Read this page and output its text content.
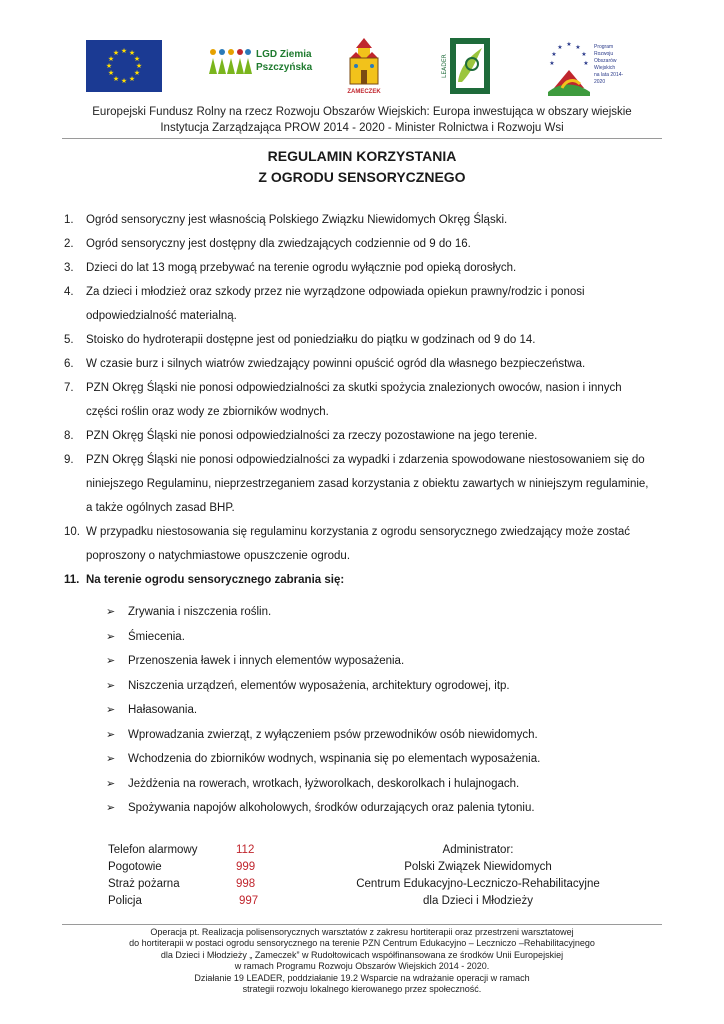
★ ★
★
★
★
★
★
★
★
★
★
★	LGD Ziemia
Pszczyńska
ZAMECZEK
LEADER
★ ★
★
★
★
★
★
Program
Rozwoju
Obszarów
Wiejskich
na lata 2014-2020
Europejski Fundusz Rolny na rzecz Rozwoju Obszarów Wiejskich: Europa inwestująca w obszary wiejskie
Instytucja Zarządzająca PROW 2014 - 2020 - Minister Rolnictwa i Rozwoju Wsi
REGULAMIN KORZYSTANIA
Z OGRODU SENSORYCZNEGO
1. Ogród sensoryczny jest własnością Polskiego Związku Niewidomych Okręg Śląski.
2. Ogród sensoryczny jest dostępny dla zwiedzających codziennie od 9 do 16.
3. Dzieci do lat 13 mogą przebywać na terenie ogrodu wyłącznie pod opieką dorosłych.
4. Za dzieci i młodzież oraz szkody przez nie wyrządzone odpowiada opiekun prawny/rodzic i ponosi odpowiedzialność materialną.
5. Stoisko do hydroterapii dostępne jest od poniedziałku do piątku w godzinach od 9 do 14.
6. W czasie burz i silnych wiatrów zwiedzający powinni opuścić ogród dla własnego bezpieczeństwa.
7. PZN Okręg Śląski nie ponosi odpowiedzialności za skutki spożycia znalezionych owoców, nasion i innych części roślin oraz wody ze zbiorników wodnych.
8. PZN Okręg Śląski nie ponosi odpowiedzialności za rzeczy pozostawione na jego terenie.
9. PZN Okręg Śląski nie ponosi odpowiedzialności za wypadki i zdarzenia spowodowane niestosowaniem się do niniejszego Regulaminu, nieprzestrzeganiem zasad korzystania z obiektu zawartych w niniejszym regulaminie, a także ogólnych zasad BHP.
10. W przypadku niestosowania się regulaminu korzystania z ogrodu sensorycznego zwiedzający może zostać poproszony o natychmiastowe opuszczenie ogrodu.
11. Na terenie ogrodu sensorycznego zabrania się:
➢ Zrywania i niszczenia roślin.
➢ Śmiecenia.
➢ Przenoszenia ławek i innych elementów wyposażenia.
➢ Niszczenia urządzeń, elementów wyposażenia, architektury ogrodowej, itp.
➢ Hałasowania.
➢ Wprowadzania zwierząt, z wyłączeniem psów przewodników osób niewidomych.
➢ Wchodzenia do zbiorników wodnych, wspinania się po elementach wyposażenia.
➢ Jeżdżenia na rowerach, wrotkach, łyżworolkach, deskorolkach i hulajnogach.
➢ Spożywania napojów alkoholowych, środków odurzających oraz palenia tytoniu.
Telefon alarmowy	112
Pogotowie	999
Straż pożarna	998
Policja	997
Administrator:
Polski Związek Niewidomych
Centrum Edukacyjno-Leczniczo-Rehabilitacyjne
dla Dzieci i Młodzieży
Operacja pt. Realizacja polisensorycznych warsztatów z zakresu hortiterapii oraz przestrzeni warsztatowej
do hortiterapii w postaci ogrodu sensorycznego na terenie PZN Centrum Edukacyjno – Leczniczo –Rehabilitacyjnego
dla Dzieci i Młodzieży „ Zameczek” w Rudołtowicach współfinansowana ze środków Unii Europejskiej
w ramach Programu Rozwoju Obszarów Wiejskich 2014 - 2020.
Działanie 19 LEADER, poddziałanie 19.2 Wsparcie na wdrażanie operacji w ramach
strategii rozwoju lokalnego kierowanego przez społeczność.
